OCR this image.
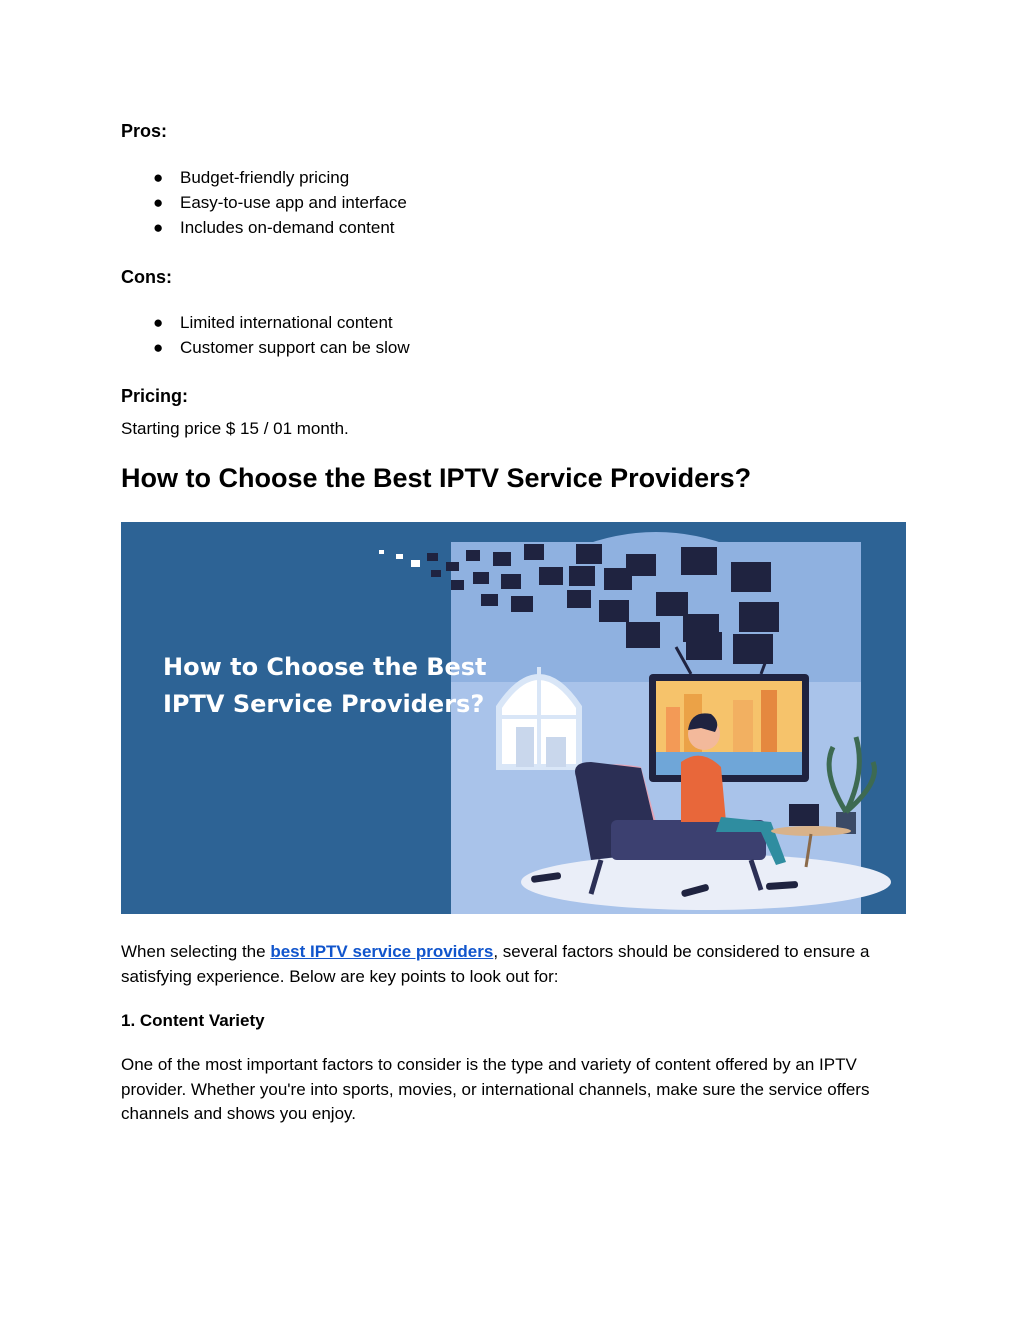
Pros:
● Budget-friendly pricing
● Easy-to-use app and interface
● Includes on-demand content
Cons:
● Limited international content
● Customer support can be slow
Pricing:

Starting price $ 15 / 01 month.

How to Choose the Best IPTV Service Providers?
How to Choose the Best
IPTV Service Providers?

When selecting the best IPTV service providers, several factors should be considered to ensure a satisfying experience. Below are key points to look out for:

1. Content Variety

One of the most important factors to consider is the type and variety of content offered by an IPTV provider. Whether you're into sports, movies, or international channels, make sure the service offers channels and shows you enjoy.
